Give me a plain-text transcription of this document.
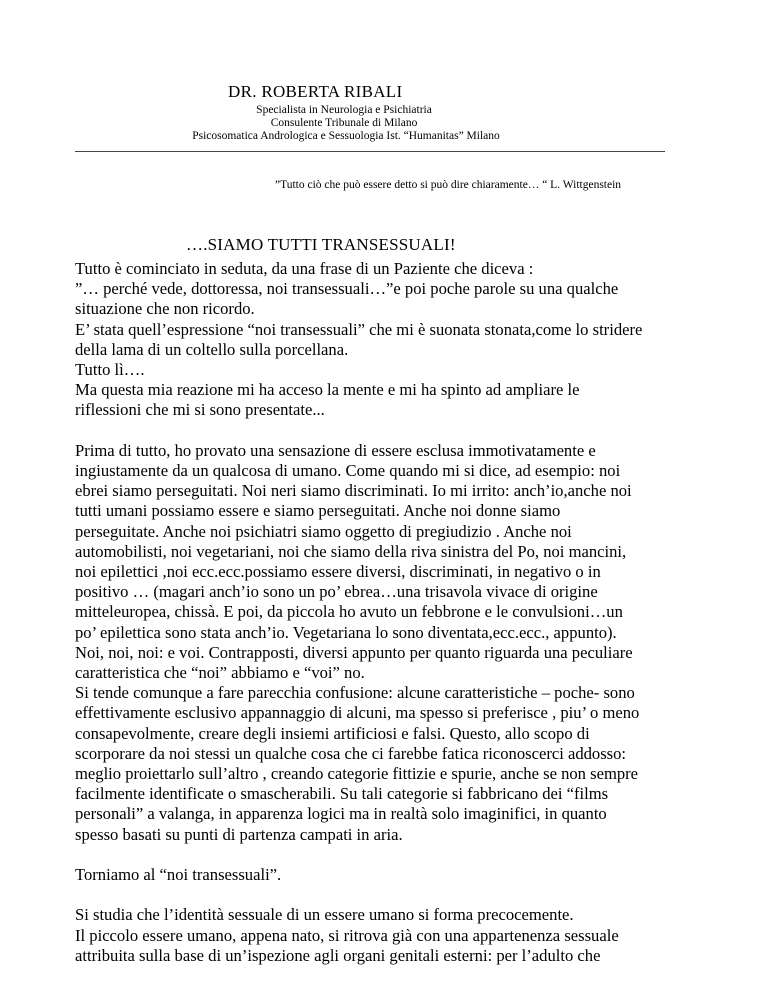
DR. ROBERTA RIBALI
Specialista in Neurologia e Psichiatria
Consulente Tribunale di Milano
Psicosomatica Andrologica e Sessuologia Ist. “Humanitas” Milano
”Tutto ciò che può essere detto si può dire chiaramente… “ L. Wittgenstein
….SIAMO TUTTI TRANSESSUALI!
Tutto è cominciato in seduta, da una frase di un Paziente che diceva :
”… perché vede, dottoressa, noi transessuali…”e poi poche parole su una qualche
situazione che non ricordo.
E’ stata quell’espressione “noi transessuali” che mi è suonata stonata,come lo stridere
della lama di un coltello sulla porcellana.
Tutto lì….
Ma questa mia reazione mi ha acceso la mente e mi ha spinto ad ampliare le
riflessioni che mi si sono presentate...
Prima di tutto, ho provato una sensazione di essere esclusa immotivatamente e
ingiustamente da un qualcosa di umano. Come quando mi si dice, ad esempio: noi
ebrei siamo perseguitati. Noi neri siamo discriminati. Io mi irrito: anch’io,anche noi
tutti umani possiamo essere e siamo perseguitati. Anche noi donne siamo
perseguitate. Anche noi psichiatri siamo oggetto di pregiudizio . Anche noi
automobilisti, noi vegetariani, noi che siamo della riva sinistra del Po, noi mancini,
noi epilettici ,noi ecc.ecc.possiamo essere diversi, discriminati, in negativo o in
positivo … (magari anch’io sono un po’ ebrea…una trisavola vivace di origine
mitteleuropea, chissà. E poi, da piccola ho avuto un febbrone e le convulsioni…un
po’ epilettica sono stata anch’io. Vegetariana lo sono diventata,ecc.ecc., appunto).
Noi, noi, noi: e voi. Contrapposti, diversi appunto per quanto riguarda una peculiare
caratteristica che “noi” abbiamo e “voi” no.
Si tende comunque a fare parecchia confusione: alcune caratteristiche – poche- sono
effettivamente esclusivo appannaggio di alcuni, ma spesso si preferisce , piu’ o meno
consapevolmente, creare degli insiemi artificiosi e falsi. Questo, allo scopo di
scorporare da noi stessi un qualche cosa che ci farebbe fatica riconoscerci addosso:
meglio proiettarlo sull’altro , creando categorie fittizie e spurie, anche se non sempre
facilmente identificate o smascherabili. Su tali categorie si fabbricano dei “films
personali” a valanga, in apparenza logici ma in realtà solo imaginifici, in quanto
spesso basati su punti di partenza campati in aria.
Torniamo al “noi transessuali”.
Si studia che l’identità sessuale di un essere umano si forma precocemente.
Il piccolo essere umano, appena nato, si ritrova già con una appartenenza sessuale
attribuita sulla base di un’ispezione agli organi genitali esterni: per l’adulto che
